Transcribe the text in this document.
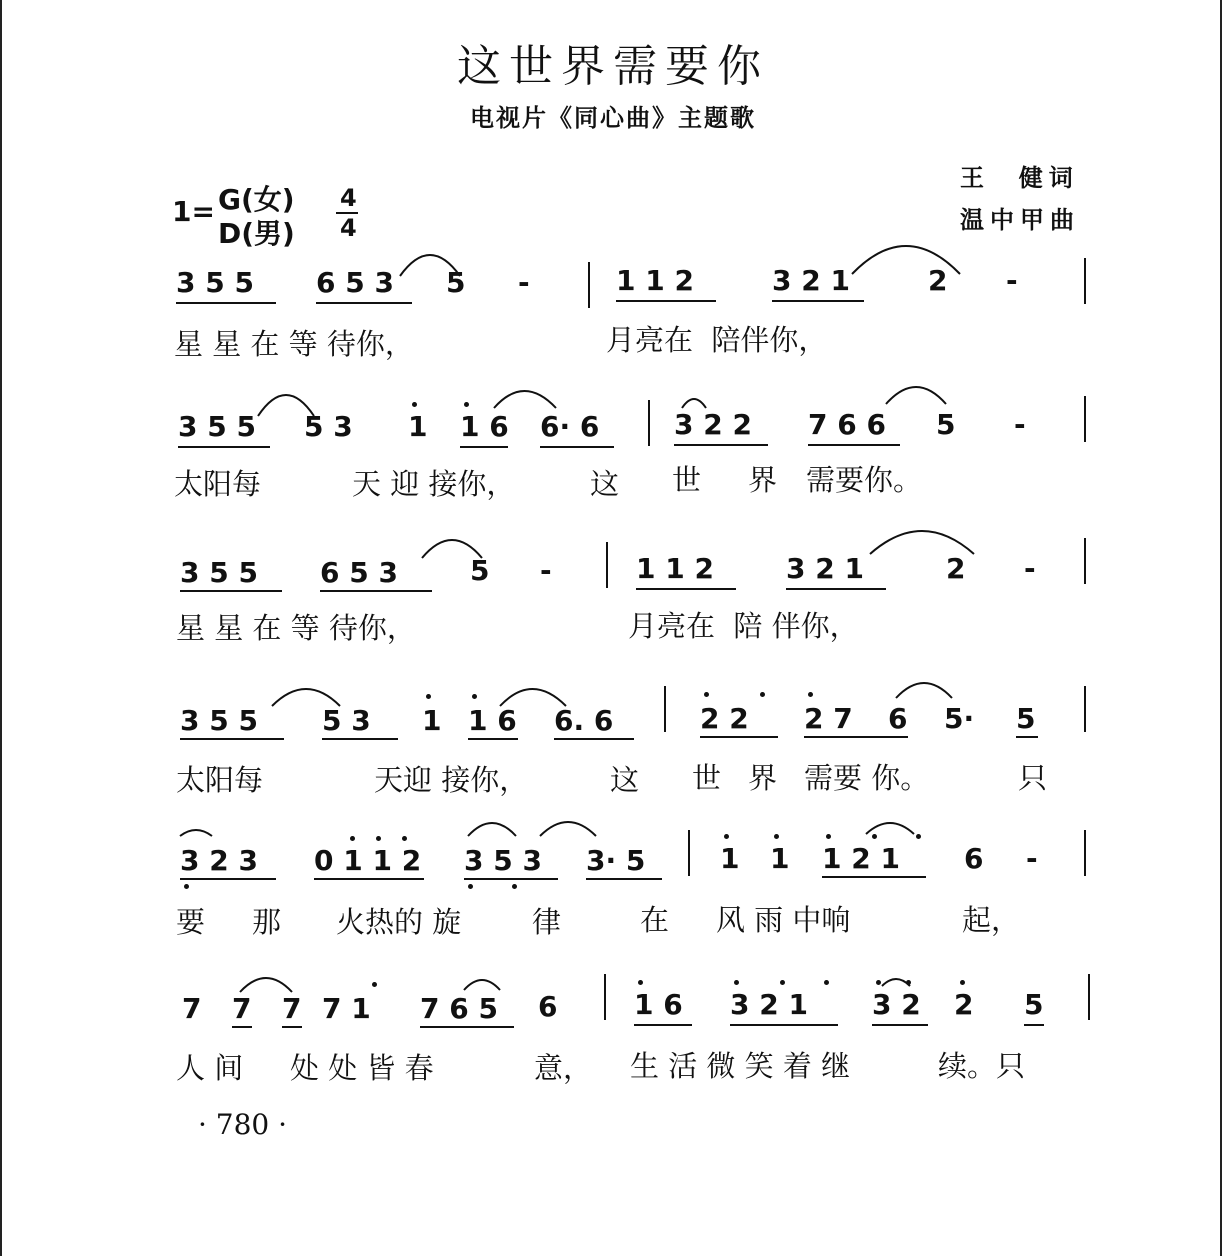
这世界需要你
电视片《同心曲》主题歌
王  健词
温中甲曲
1= G(女)
D(男)
4
4
3 5 5 6 5 3 5 -	1 1 2	3 2 1	2 -
星 星 在 等 待你，	月亮在  陪伴你，
3 5 5 5 3 1 1 6 6· 6	3 2 2 7 6 6 5 -
太阳每	天 迎 接你，	这 世 界 需要你。
3 5 5 6 5 3	5 -	1 1 2	3 2 1	2 -
星 星 在 等 待你，	月亮在  陪 伴你，
3 5 5 5 3 1 1 6 6. 6	2 2 2 7 6 5· 5
太阳每	天迎 接你，	这 世 界 需要 你。	只
3 2 3 0 1 1 2 3 5 3 3· 5	1 1 1 2 1 6 -
要 那 火热的 旋 律	在 风 雨 中响	起，
7 7 7 7 1 7 6 5 6	1 6 3 2 1 3 2 2 5
人 间 处 处 皆 春	意， 生 活 微 笑 着 继	续。只
· 780 ·
